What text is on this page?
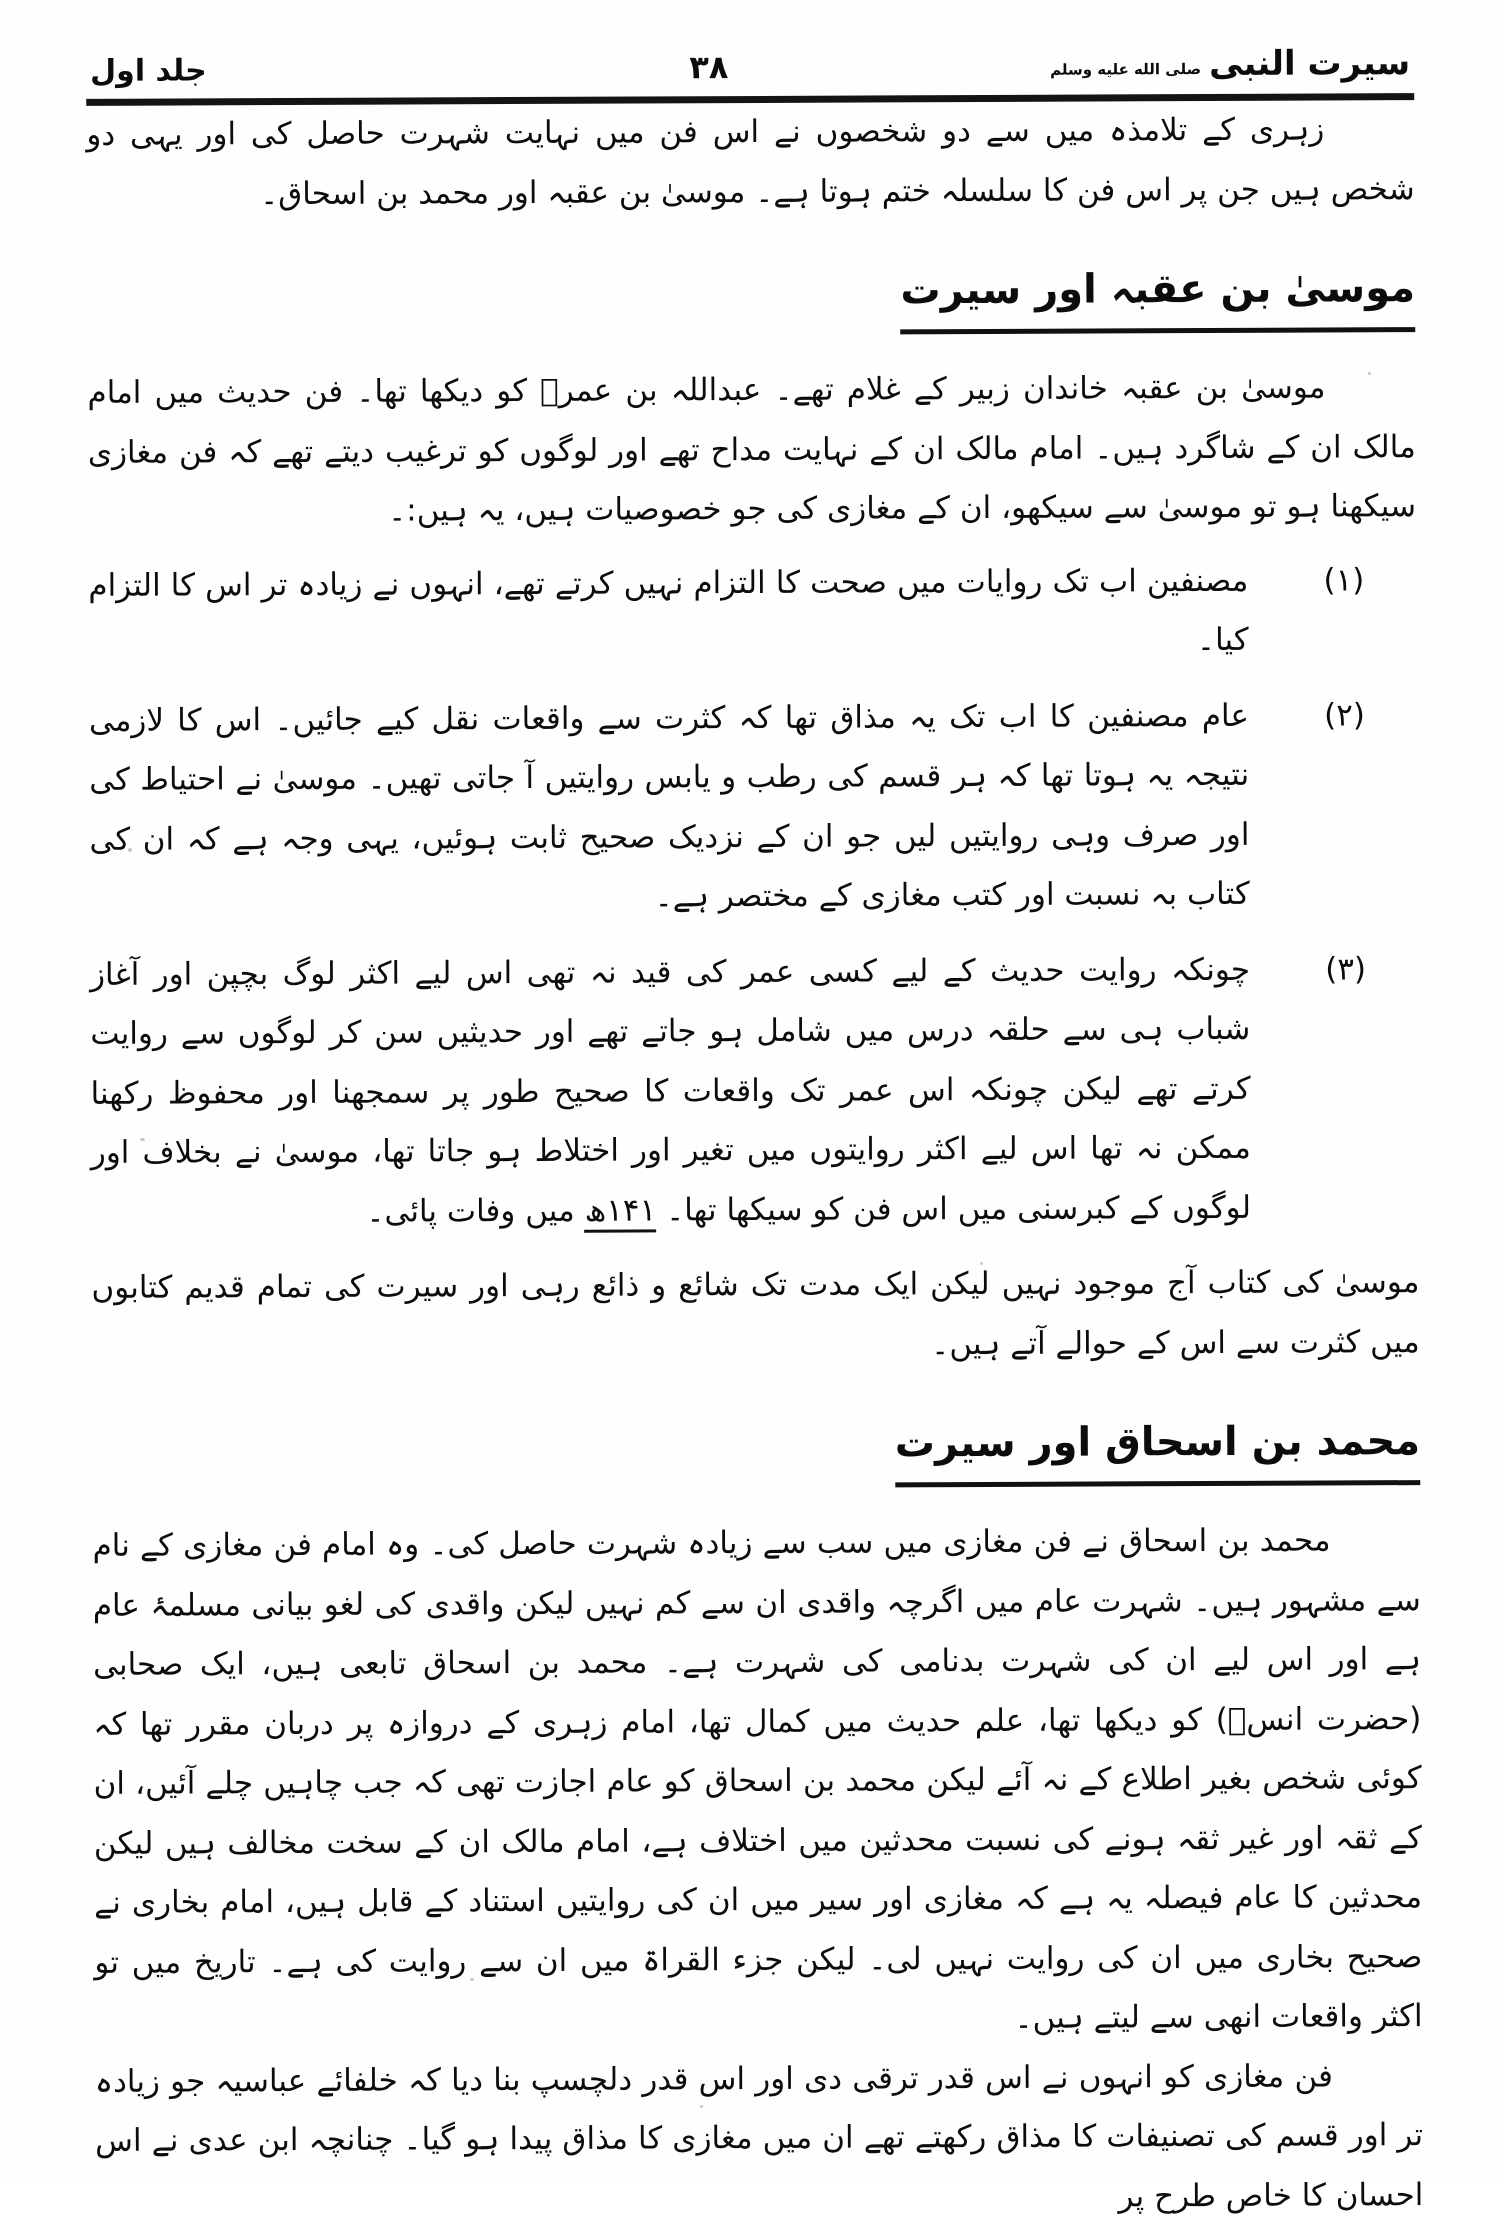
سیرت النبی
صلى الله عليه وسلم
۳۸
جلد اول

زہری کے تلامذہ میں سے دو شخصوں نے اس فن میں نہایت شہرت حاصل کی اور یہی دو شخص ہیں جن پر اس فن کا سلسلہ ختم ہوتا ہے۔ موسیٰ بن عقبہ اور محمد بن اسحاق۔

موسیٰ بن عقبہ اور سیرت

موسیٰ بن عقبہ خاندان زبیر کے غلام تھے۔ عبداللہ بن عمرؓ کو دیکھا تھا۔ فن حدیث میں امام مالک ان کے شاگرد ہیں۔ امام مالک ان کے نہایت مداح تھے اور لوگوں کو ترغیب دیتے تھے کہ فن مغازی سیکھنا ہو تو موسیٰ سے سیکھو، ان کے مغازی کی جو خصوصیات ہیں، یہ ہیں:۔

(۱)
مصنفین اب تک روایات میں صحت کا التزام نہیں کرتے تھے، انہوں نے زیادہ تر اس کا التزام کیا۔
(۲)
عام مصنفین کا اب تک یہ مذاق تھا کہ کثرت سے واقعات نقل کیے جائیں۔ اس کا لازمی نتیجہ یہ ہوتا تھا کہ ہر قسم کی رطب و یابس روایتیں آ جاتی تھیں۔ موسیٰ نے احتیاط کی اور صرف وہی روایتیں لیں جو ان کے نزدیک صحیح ثابت ہوئیں، یہی وجہ ہے کہ ان کی کتاب بہ نسبت اور کتب مغازی کے مختصر ہے۔
(۳)
چونکہ روایت حدیث کے لیے کسی عمر کی قید نہ تھی اس لیے اکثر لوگ بچپن اور آغاز شباب ہی سے حلقہ درس میں شامل ہو جاتے تھے اور حدیثیں سن کر لوگوں سے روایت کرتے تھے لیکن چونکہ اس عمر تک واقعات کا صحیح طور پر سمجھنا اور محفوظ رکھنا ممکن نہ تھا اس لیے اکثر روایتوں میں تغیر اور اختلاط ہو جاتا تھا، موسیٰ نے بخلاف اور لوگوں کے کبرسنی میں اس فن کو سیکھا تھا۔ ۱۴۱ھ میں وفات پائی۔

موسیٰ کی کتاب آج موجود نہیں لیکن ایک مدت تک شائع و ذائع رہی اور سیرت کی تمام قدیم کتابوں میں کثرت سے اس کے حوالے آتے ہیں۔

محمد بن اسحاق اور سیرت

محمد بن اسحاق نے فن مغازی میں سب سے زیادہ شہرت حاصل کی۔ وہ امام فن مغازی کے نام سے مشہور ہیں۔ شہرت عام میں اگرچہ واقدی ان سے کم نہیں لیکن واقدی کی لغو بیانی مسلمۂ عام ہے اور اس لیے ان کی شہرت بدنامی کی شہرت ہے۔ محمد بن اسحاق تابعی ہیں، ایک صحابی (حضرت انسؓ) کو دیکھا تھا، علم حدیث میں کمال تھا، امام زہری کے دروازہ پر دربان مقرر تھا کہ کوئی شخص بغیر اطلاع کے نہ آئے لیکن محمد بن اسحاق کو عام اجازت تھی کہ جب چاہیں چلے آئیں، ان کے ثقہ اور غیر ثقہ ہونے کی نسبت محدثین میں اختلاف ہے، امام مالک ان کے سخت مخالف ہیں لیکن محدثین کا عام فیصلہ یہ ہے کہ مغازی اور سیر میں ان کی روایتیں استناد کے قابل ہیں، امام بخاری نے صحیح بخاری میں ان کی روایت نہیں لی۔ لیکن جزء القراۃ میں ان سے روایت کی ہے۔ تاریخ میں تو اکثر واقعات انھی سے لیتے ہیں۔

فن مغازی کو انہوں نے اس قدر ترقی دی اور اس قدر دلچسپ بنا دیا کہ خلفائے عباسیہ جو زیادہ تر اور قسم کی تصنیفات کا مذاق رکھتے تھے ان میں مغازی کا مذاق پیدا ہو گیا۔ چنانچہ ابن عدی نے اس احسان کا خاص طرح پر
